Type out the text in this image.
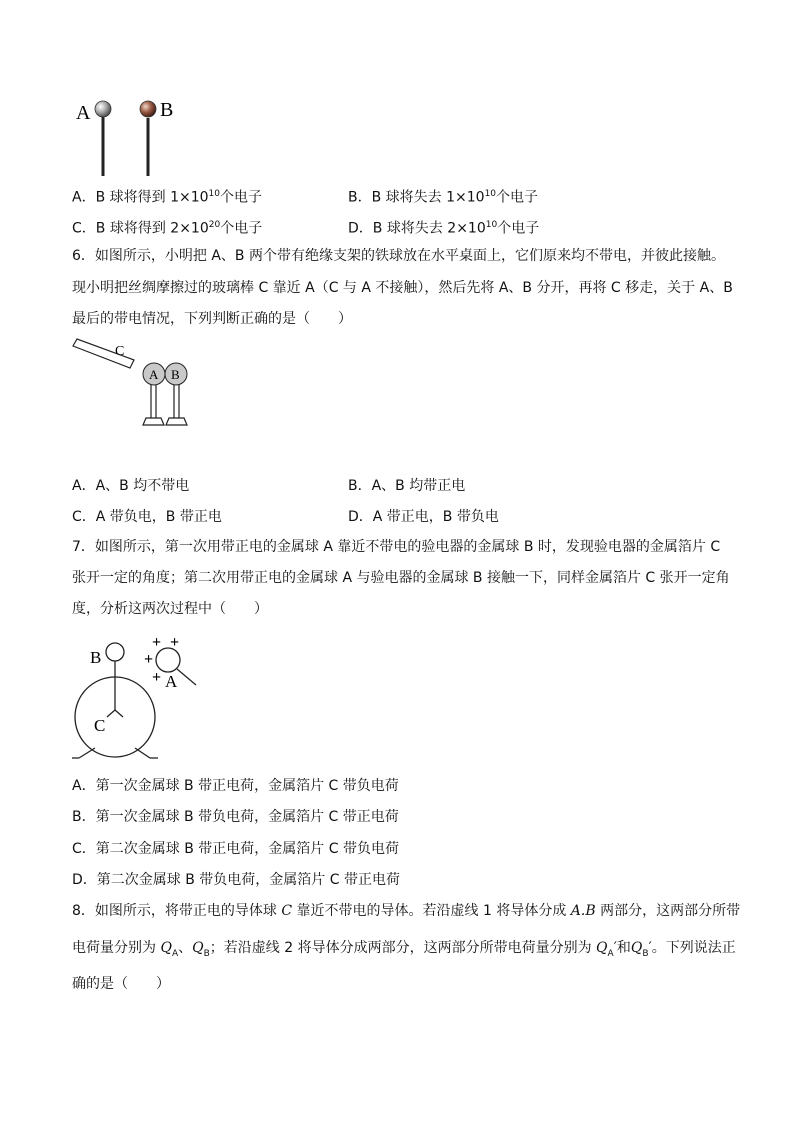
A	B
A．B 球将得到 $1\times 10^{10}$个电子	B．B 球将失去 $1\times 10^{10}$个电子
C．B 球将得到 $2\times 10^{20}$个电子	D．B 球将失去 $2\times 10^{10}$个电子
6．如图所示，小明把 A、B 两个带有绝缘支架的铁球放在水平桌面上，它们原来均不带电，并彼此接触。
现小明把丝绸摩擦过的玻璃棒 C 靠近 A（C 与 A 不接触），然后先将 A、B 分开，再将 C 移走，关于 A、B
最后的带电情况，下列判断正确的是（　　）
C
A B
A．A、B 均不带电	B．A、B 均带正电
C．A 带负电，B 带正电	D．A 带正电，B 带负电
7．如图所示，第一次用带正电的金属球 A 靠近不带电的验电器的金属球 B 时，发现验电器的金属箔片 C
张开一定的角度；第二次用带正电的金属球 A 与验电器的金属球 B 接触一下，同样金属箔片 C 张开一定角
度，分析这两次过程中（　　）
B
A
C
+ +
+
+
A．第一次金属球 B 带正电荷，金属箔片 C 带负电荷
B．第一次金属球 B 带负电荷，金属箔片 C 带正电荷
C．第二次金属球 B 带正电荷，金属箔片 C 带负电荷
D．第二次金属球 B 带负电荷，金属箔片 C 带正电荷
8．如图所示，将带正电的导体球 C 靠近不带电的导体。若沿虚线 1 将导体分成 A.B 两部分，这两部分所带
电荷量分别为 $Q_A$、$Q_B$；若沿虚线 2 将导体分成两部分，这两部分所带电荷量分别为 $Q_A'$和$Q_B'$。下列说法正
确的是（　　）
